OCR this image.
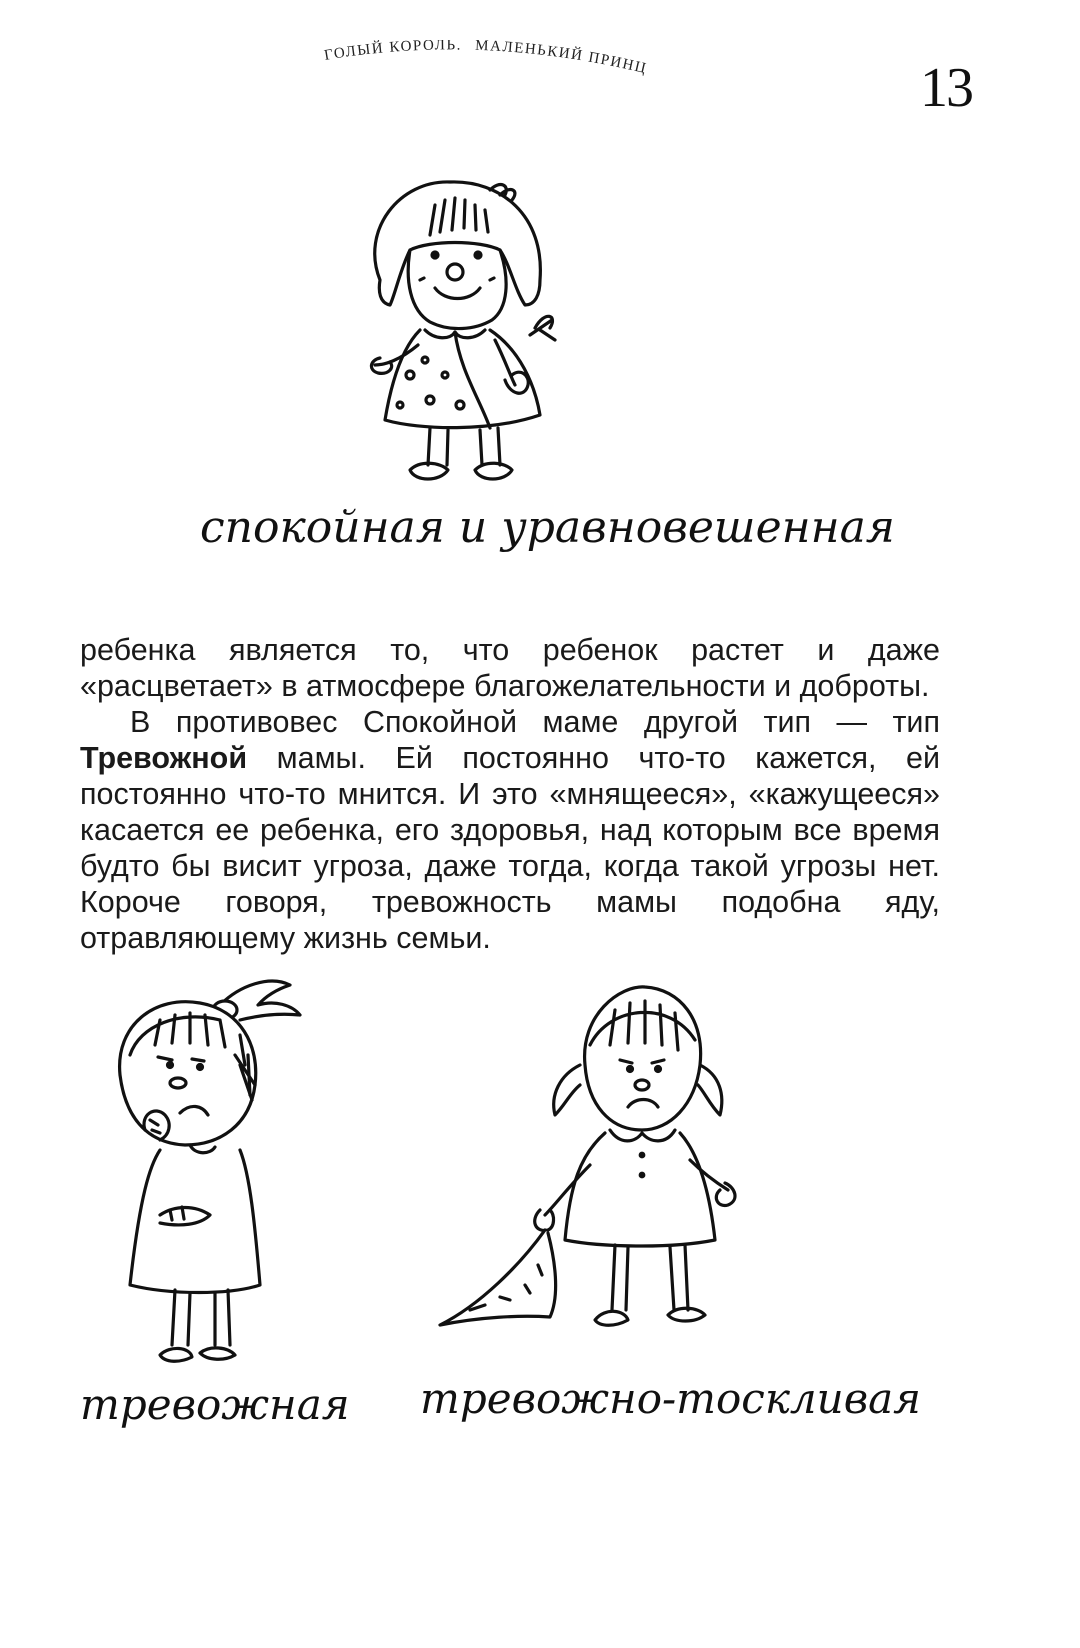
ГОЛЫЙ КОРОЛЬ. МАЛЕНЬКИЙ ПРИНЦ	13
спокойная и уравновешенная

ребенка является то, что ребенок растет и даже «расцветает» в атмосфере благожелательности и доброты.

В противовес Спокойной маме другой тип — тип Тревожной мамы. Ей постоянно что-то кажется, ей постоянно что-то мнится. И это «мнящееся», «кажущееся» касается ее ребенка, его здоровья, над которым все время будто бы висит угроза, даже тогда, когда такой угрозы нет. Короче говоря, тревожность мамы подобна яду, отравляющему жизнь семьи.

тревожная тревожно-тоскливая
